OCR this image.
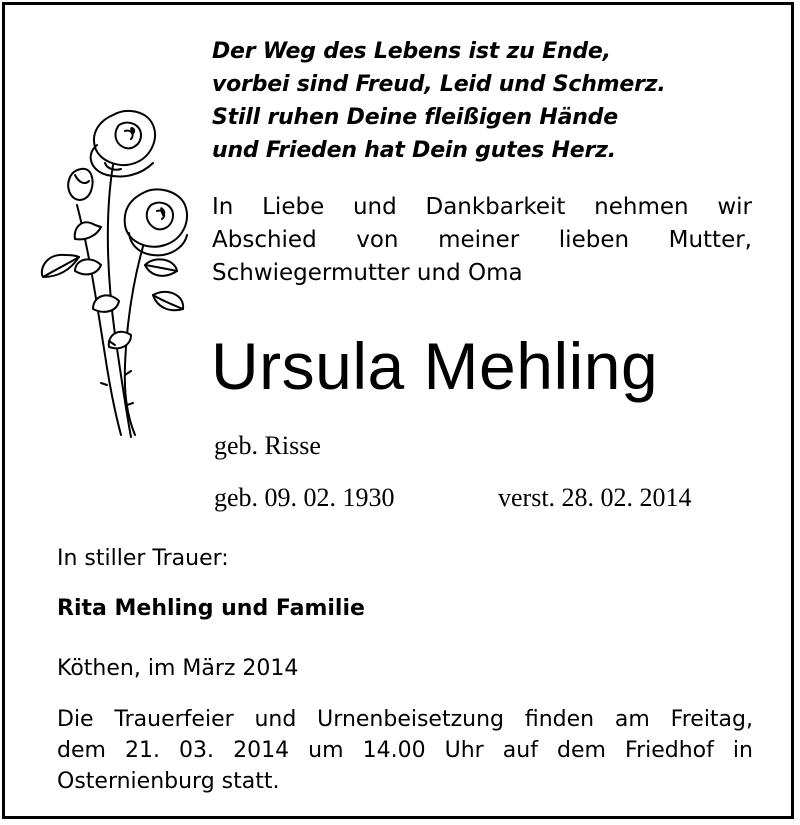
Der Weg des Lebens ist zu Ende,
vorbei sind Freud, Leid und Schmerz.
Still ruhen Deine fleißigen Hände
und Frieden hat Dein gutes Herz.
In Liebe und Dankbarkeit nehmen wir
Abschied von meiner lieben Mutter,
Schwiegermutter und Oma
Ursula Mehling
geb. Risse
geb. 09. 02. 1930	verst. 28. 02. 2014
In stiller Trauer:
Rita Mehling und Familie
Köthen, im März 2014
Die Trauerfeier und Urnenbeisetzung finden am Freitag,
dem 21. 03. 2014 um 14.00 Uhr auf dem Friedhof in
Osternienburg statt.
